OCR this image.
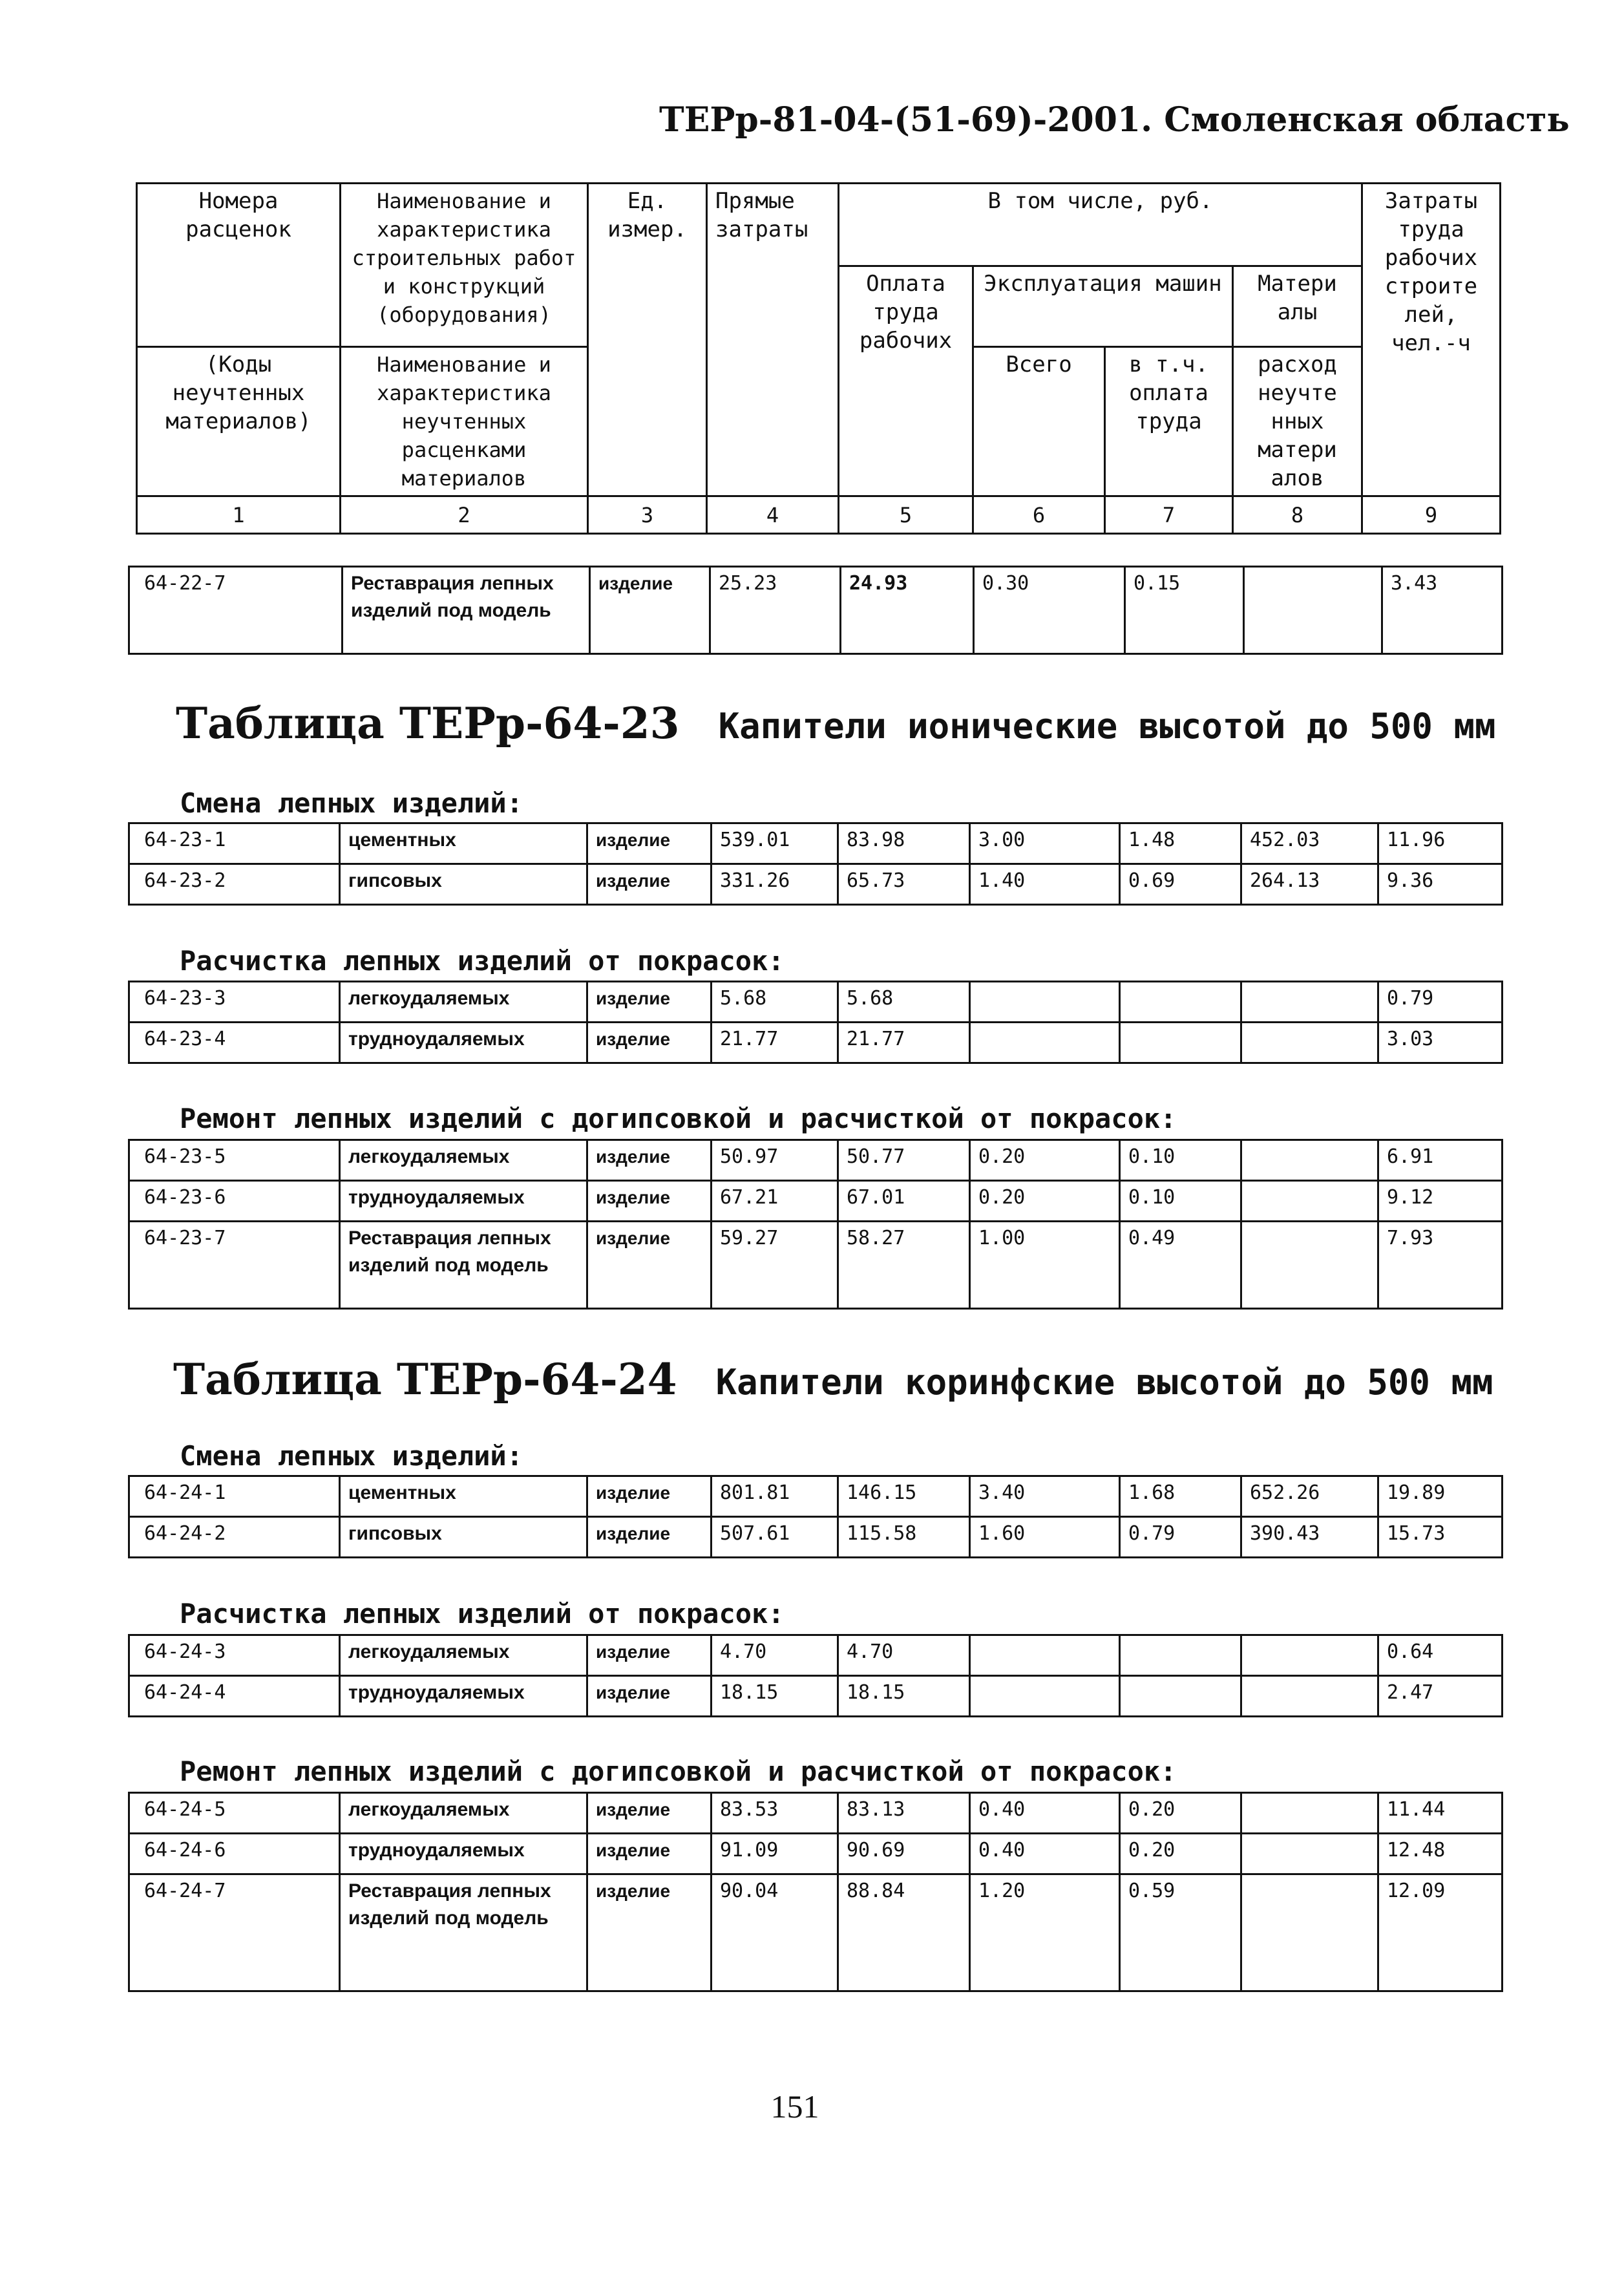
ТЕРр-81-04-(51-69)-2001. Смоленская область
Номера расценок	Наименование и характеристика строительных работ и конструкций (оборудования)	Ед. измер.	Прямые затраты	В том числе, руб.				Затраты труда рабочих строите лей, чел.-ч
				Оплата труда рабочих	Эксплуатация машин		Матери алы	
(Коды неучтенных материалов)	Наименование и характеристика неучтенных расценками материалов				Всего	в т.ч. оплата труда	расход неучте нных матери алов	

1	2	3	4	5	6	7	8	9
64-22-7	Реставрация лепных изделий под модель	изделие	25.23	24.93	0.30	0.15		3.43
Таблица ТЕРр-64-23 Капители ионические высотой до 500 мм
Смена лепных изделий:
64-23-1	цементных	изделие	539.01	83.98	3.00	1.48	452.03	11.96
64-23-2	гипсовых	изделие	331.26	65.73	1.40	0.69	264.13	9.36
Расчистка лепных изделий от покрасок:
64-23-3	легкоудаляемых	изделие	5.68	5.68				0.79
64-23-4	трудноудаляемых	изделие	21.77	21.77				3.03
Ремонт лепных изделий с догипсовкой и расчисткой от покрасок:
64-23-5	легкоудаляемых	изделие	50.97	50.77	0.20	0.10		6.91
64-23-6	трудноудаляемых	изделие	67.21	67.01	0.20	0.10		9.12
64-23-7	Реставрация лепных изделий под модель	изделие	59.27	58.27	1.00	0.49		7.93
Таблица ТЕРр-64-24 Капители коринфские высотой до 500 мм
Смена лепных изделий:
64-24-1	цементных	изделие	801.81	146.15	3.40	1.68	652.26	19.89
64-24-2	гипсовых	изделие	507.61	115.58	1.60	0.79	390.43	15.73
Расчистка лепных изделий от покрасок:
64-24-3	легкоудаляемых	изделие	4.70	4.70				0.64
64-24-4	трудноудаляемых	изделие	18.15	18.15				2.47
Ремонт лепных изделий с догипсовкой и расчисткой от покрасок:
64-24-5	легкоудаляемых	изделие	83.53	83.13	0.40	0.20		11.44
64-24-6	трудноудаляемых	изделие	91.09	90.69	0.40	0.20		12.48
64-24-7	Реставрация лепных изделий под модель	изделие	90.04	88.84	1.20	0.59		12.09
151
